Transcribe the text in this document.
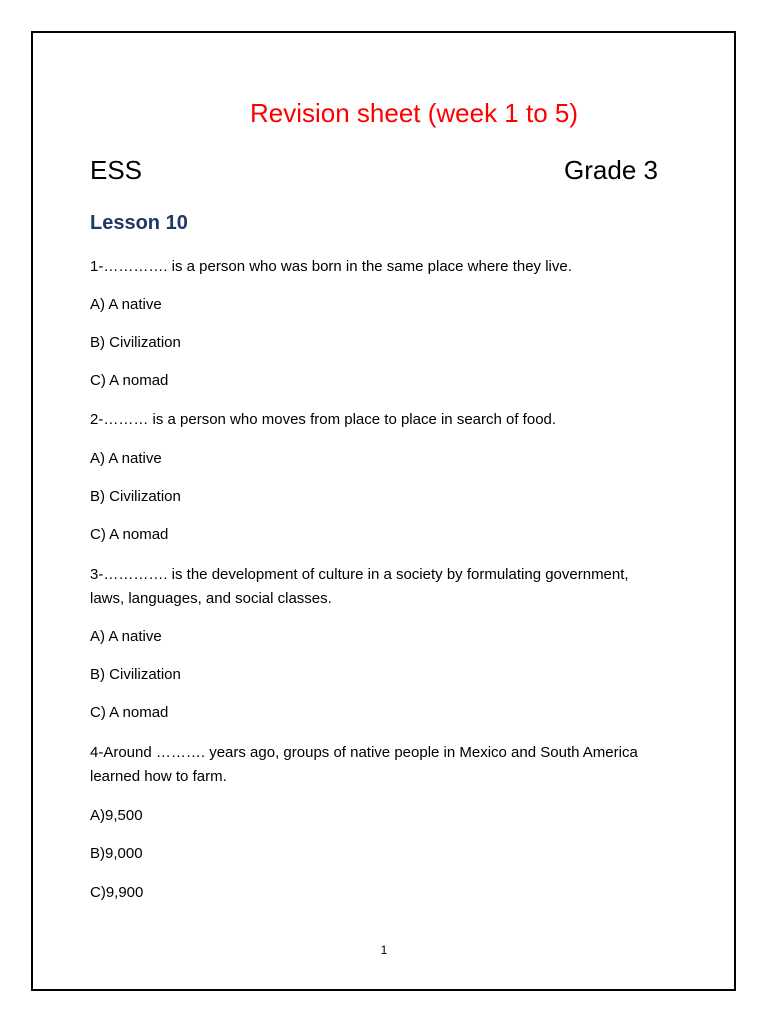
Revision sheet (week 1 to 5)
ESS	Grade 3
Lesson 10
1-…………. is a person who was born in the same place where they live.
A) A native
B) Civilization
C) A nomad
2-……… is a person who moves from place to place in search of food.
A) A native
B) Civilization
C) A nomad
3-…………. is the development of culture in a society by formulating government,
laws, languages, and social classes.
A) A native
B) Civilization
C) A nomad
4-Around ………. years ago, groups of native people in Mexico and South America
learned how to farm.
A)9,500
B)9,000
C)9,900
1
